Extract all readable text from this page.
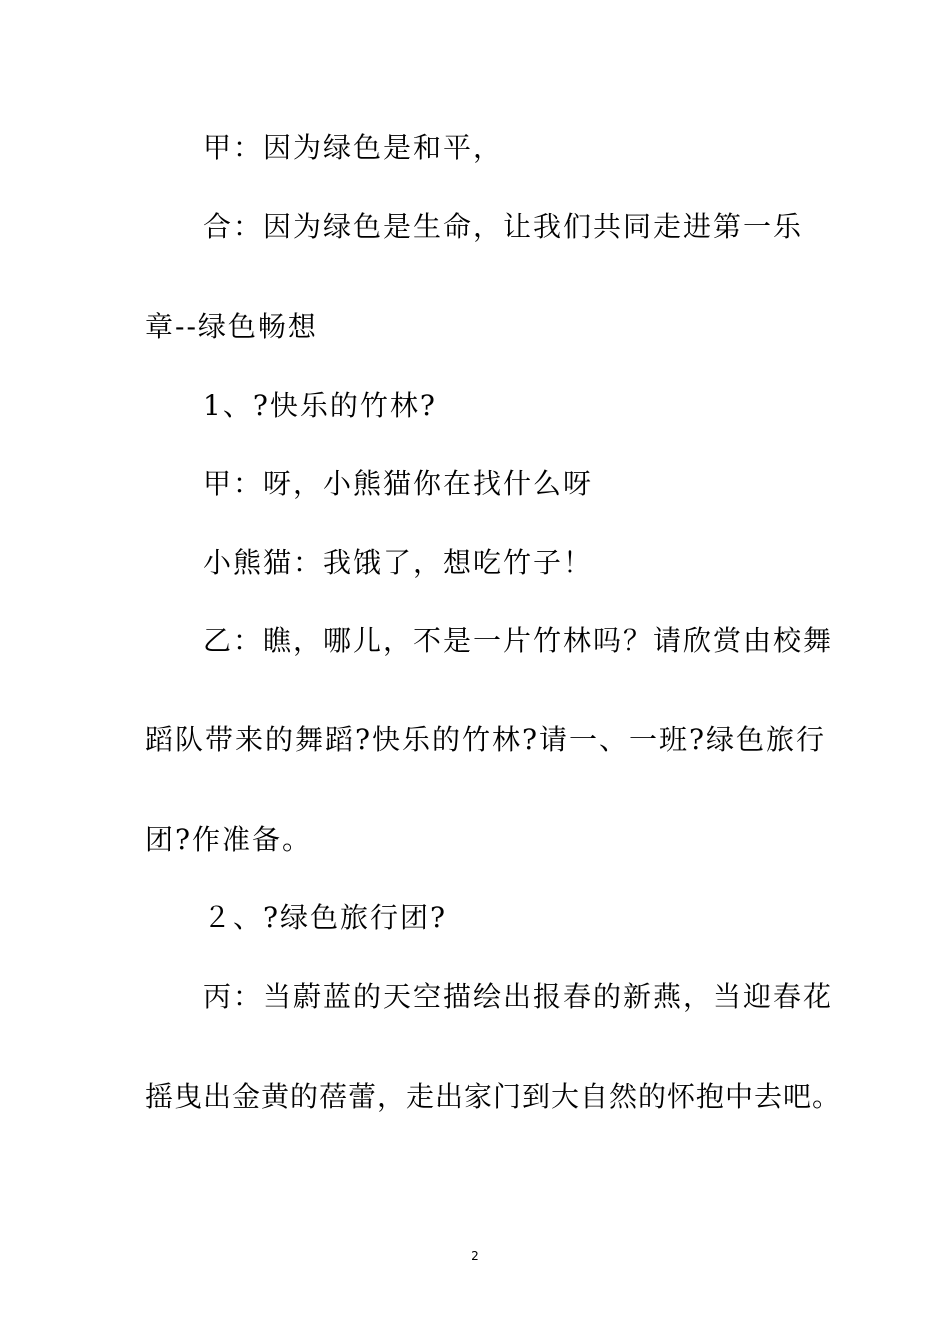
甲：因为绿色是和平，

合：因为绿色是生命，让我们共同走进第一乐

章--绿色畅想

1、?快乐的竹林?

甲：呀，小熊猫你在找什么呀

小熊猫：我饿了，想吃竹子！

乙：瞧，哪儿，不是一片竹林吗？请欣赏由校舞

蹈队带来的舞蹈?快乐的竹林?请一、一班?绿色旅行

团?作准备。

２、?绿色旅行团?

丙：当蔚蓝的天空描绘出报春的新燕，当迎春花

摇曳出金黄的蓓蕾，走出家门到大自然的怀抱中去吧。

2
